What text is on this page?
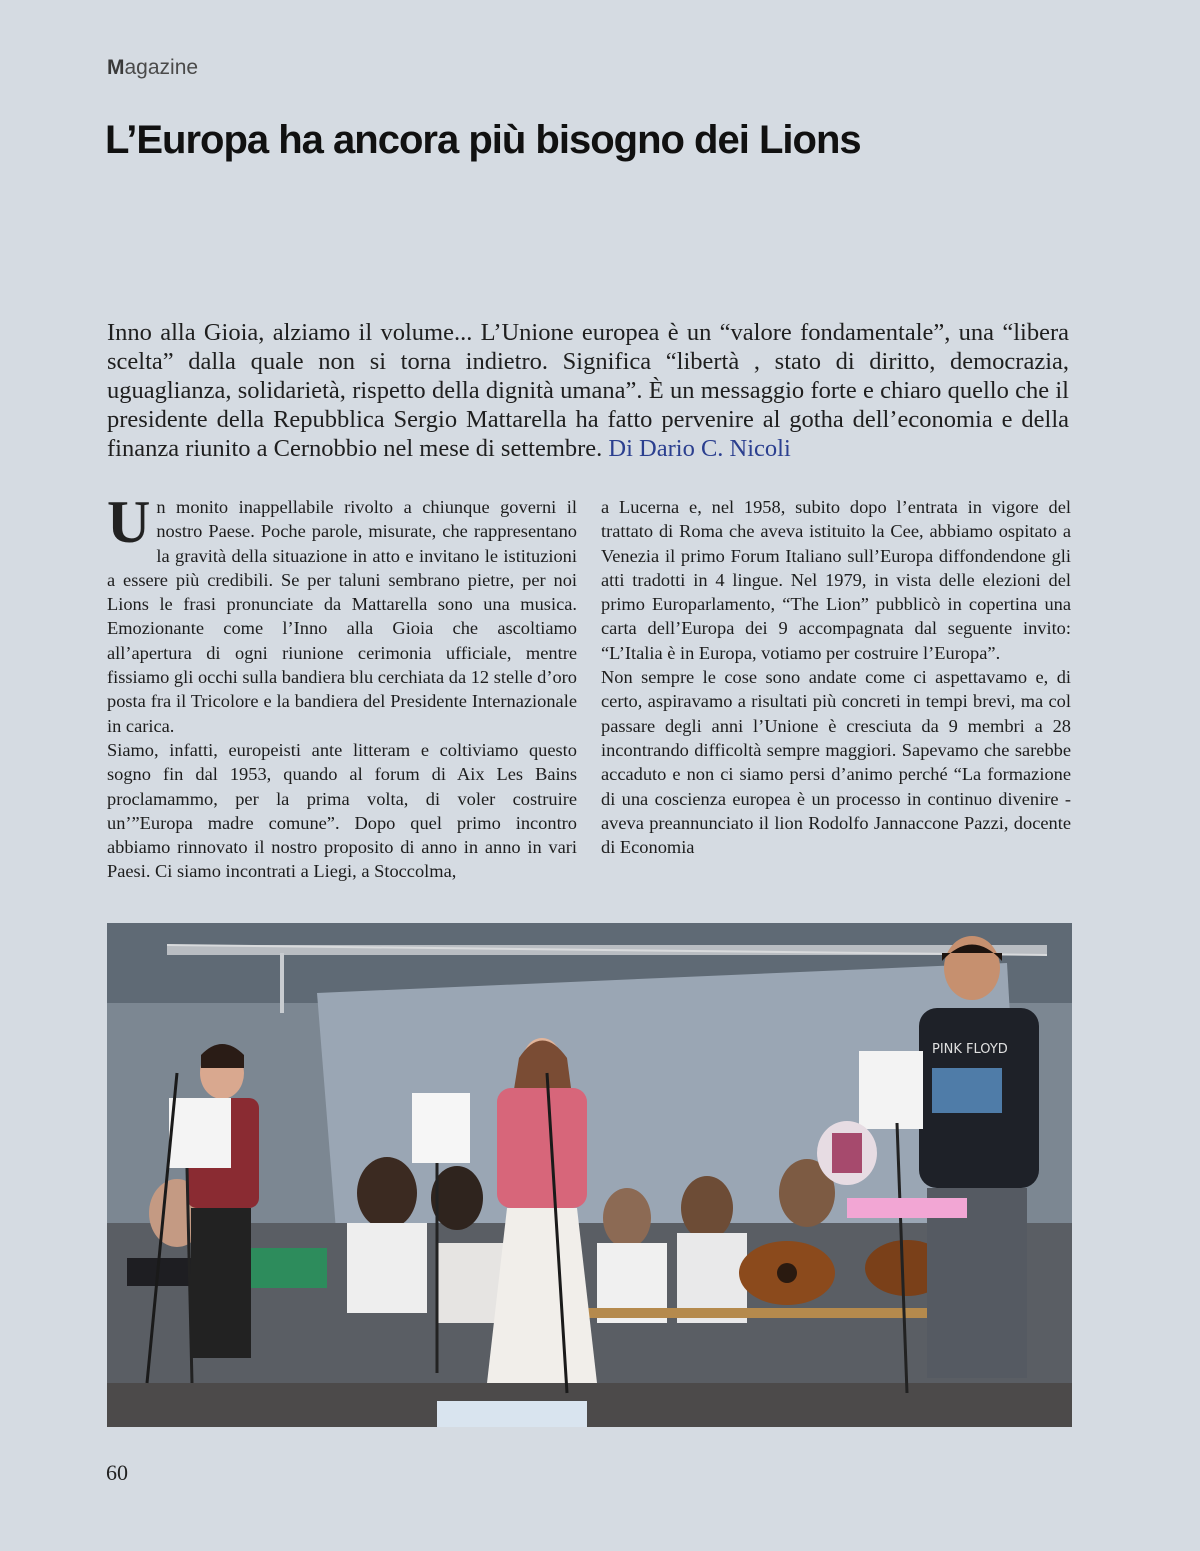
Magazine
L’Europa ha ancora più bisogno dei Lions

Inno alla Gioia, alziamo il volume... L’Unione europea è un “valore fondamentale”, una “libera scelta” dalla quale non si torna indietro. Significa “libertà , stato di diritto, democrazia, uguaglianza, solidarietà, rispetto della dignità umana”. È un messaggio forte e chiaro quello che il presidente della Repubblica Sergio Mattarella ha fatto pervenire al gotha dell’economia e della finanza riunito a Cernobbio nel mese di settembre. Di Dario C. Nicoli

Un monito inappellabile rivolto a chiunque governi il nostro Paese. Poche parole, misurate, che rappresentano la gravità della situazione in atto e invitano le istituzioni a essere più credibili. Se per taluni sembrano pietre, per noi Lions le frasi pronunciate da Mattarella sono una musica. Emozionante come l’Inno alla Gioia che ascoltiamo all’apertura di ogni riunione cerimonia ufficiale, mentre fissiamo gli occhi sulla bandiera blu cerchiata da 12 stelle d’oro posta fra il Tricolore e la bandiera del Presidente Internazionale in carica.

Siamo, infatti, europeisti ante litteram e coltiviamo questo sogno fin dal 1953, quando al forum di Aix Les Bains proclamammo, per la prima volta, di voler costruire un’”Europa madre comune”. Dopo quel primo incontro abbiamo rinnovato il nostro proposito di anno in anno in vari Paesi. Ci siamo incontrati a Liegi, a Stoccolma,

a Lucerna e, nel 1958, subito dopo l’entrata in vigore del trattato di Roma che aveva istituito la Cee, abbiamo ospitato a Venezia il primo Forum Italiano sull’Europa diffondendone gli atti tradotti in 4 lingue. Nel 1979, in vista delle elezioni del primo Europarlamento, “The Lion” pubblicò in copertina una carta dell’Europa dei 9 accompagnata dal seguente invito: “L’Italia è in Europa, votiamo per costruire l’Europa”.

Non sempre le cose sono andate come ci aspettavamo e, di certo, aspiravamo a risultati più concreti in tempi brevi, ma col passare degli anni l’Unione è cresciuta da 9 membri a 28 incontrando difficoltà sempre maggiori. Sapevamo che sarebbe accaduto e non ci siamo persi d’animo perché “La formazione di una coscienza europea è un processo in continuo divenire - aveva preannunciato il lion Rodolfo Jannaccone Pazzi, docente di Economia

PINK FLOYD
60
